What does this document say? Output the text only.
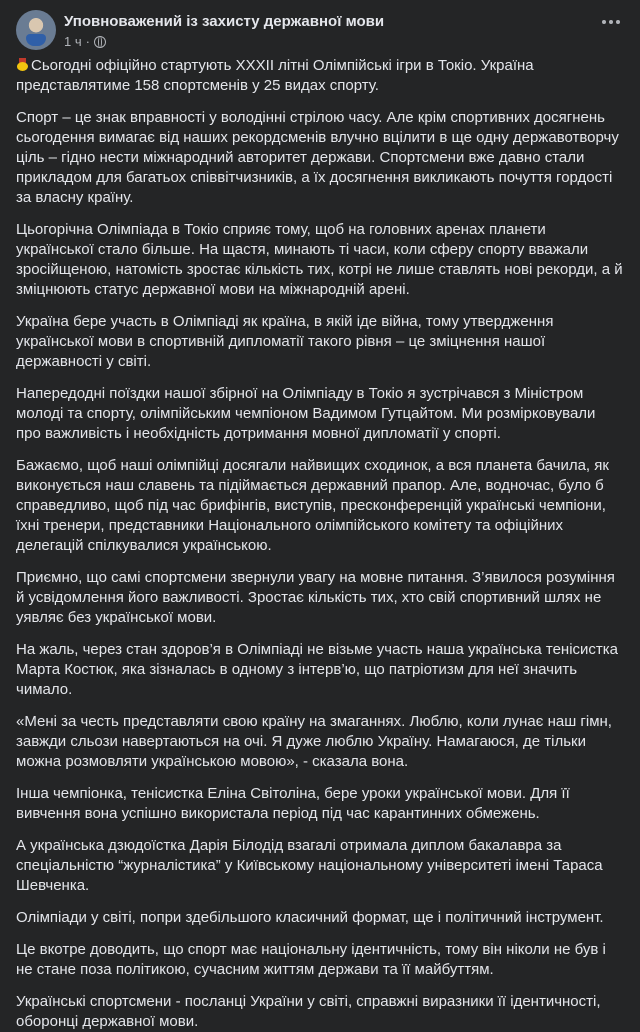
Уповноважений із захисту державної мови
1 ч ·

Сьогодні офіційно стартують XXXII літні Олімпійські ігри в Токіо. Україна представлятиме 158 спортсменів у 25 видах спорту.

Спорт – це знак вправності у володінні стрілою часу. Але крім спортивних досягнень сьогодення вимагає від наших рекордсменів влучно вцілити в ще одну державотворчу ціль – гідно нести міжнародний авторитет держави. Спортсмени вже давно стали прикладом для багатьох співвітчизників, а їх досягнення викликають почуття гордості за власну країну.

Цьогорічна Олімпіада в Токіо сприяє тому, щоб на головних аренах планети української стало більше. На щастя, минають ті часи, коли сферу спорту вважали зросійщеною, натомість зростає кількість тих, котрі не лише ставлять нові рекорди, а й зміцнюють статус державної мови на міжнародній арені.

Україна бере участь в Олімпіаді як країна, в якій іде війна, тому утвердження української мови в спортивній дипломатії такого рівня – це зміцнення нашої державності у світі.

Напередодні поїздки нашої збірної на Олімпіаду в Токіо я зустрічався з Міністром молоді та спорту, олімпійським чемпіоном Вадимом Гутцайтом. Ми розмірковували про важливість і необхідність дотримання мовної дипломатії у спорті.

Бажаємо, щоб наші олімпійці досягали найвищих сходинок, а вся планета бачила, як виконується наш славень та підіймається державний прапор. Але, водночас, було б справедливо, щоб під час брифінгів, виступів, пресконференцій українські чемпіони, їхні тренери, представники Національного олімпійського комітету та офіційних делегацій спілкувалися українською.

Приємно, що самі спортсмени звернули увагу на мовне питання. З’явилося розуміння й усвідомлення його важливості. Зростає кількість тих, хто свій спортивний шлях не уявляє без української мови.

На жаль, через стан здоров’я в Олімпіаді не візьме участь наша українська тенісистка Марта Костюк, яка зізналась в одному з інтерв’ю, що патріотизм для неї значить чимало.

«Мені за честь представляти свою країну на змаганнях. Люблю, коли лунає наш гімн, завжди сльози навертаються на очі. Я дуже люблю Україну. Намагаюся, де тільки можна розмовляти українською мовою», - сказала вона.

Інша чемпіонка, тенісистка Еліна Світоліна, бере уроки української мови. Для її вивчення вона успішно використала період під час карантинних обмежень.

А українська дзюдоїстка Дарія Білодід взагалі отримала диплом бакалавра за спеціальністю “журналістика” у Київському національному університеті імені Тараса Шевченка.

Олімпіади у світі, попри здебільшого класичний формат, ще і політичний інструмент.

Це вкотре доводить, що спорт має національну ідентичність, тому він ніколи не був і не стане поза політикою, сучасним життям держави та її майбуттям.

Українські спортсмени - посланці України у світі, справжні виразники її ідентичності, оборонці державної мови.
